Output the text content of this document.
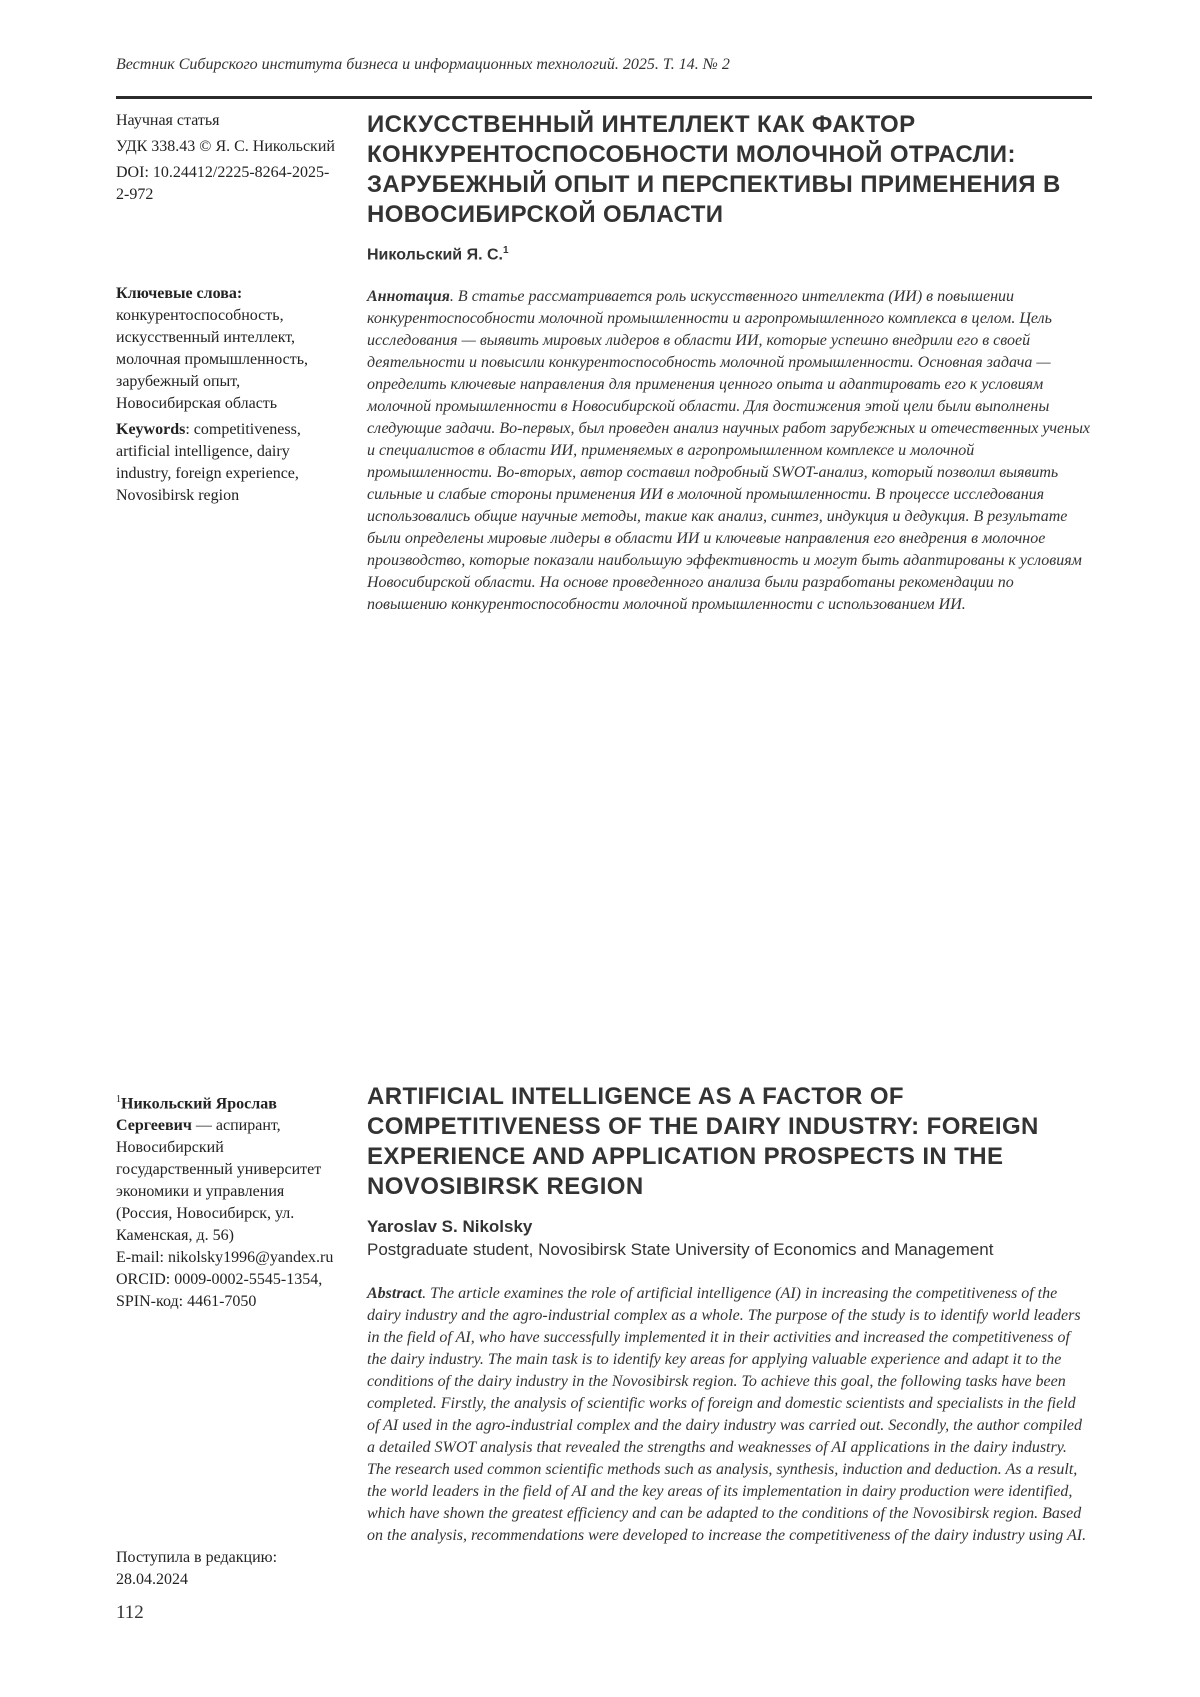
Вестник Сибирского института бизнеса и информационных технологий. 2025. Т. 14. № 2

Научная статья

УДК 338.43 © Я. С. Никольский

DOI: 10.24412/2225-8264-2025-2-972

Ключевые слова: конкурентоспособность, искусственный интеллект, молочная промышленность, зарубежный опыт, Новосибирская область
Keywords: competitiveness, artificial intelligence, dairy industry, foreign experience, Novosibirsk region
ИСКУССТВЕННЫЙ ИНТЕЛЛЕКТ КАК ФАКТОР КОНКУРЕНТОСПОСОБНОСТИ МОЛОЧНОЙ ОТРАСЛИ: ЗАРУБЕЖНЫЙ ОПЫТ И ПЕРСПЕКТИВЫ ПРИМЕНЕНИЯ В НОВОСИБИРСКОЙ ОБЛАСТИ
Никольский Я. С.1

Аннотация. В статье рассматривается роль искусственного интеллекта (ИИ) в повышении конкурентоспособности молочной промышленности и агропромышленного комплекса в целом. Цель исследования — выявить мировых лидеров в области ИИ, которые успешно внедрили его в своей деятельности и повысили конкурентоспособность молочной промышленности. Основная задача — определить ключевые направления для применения ценного опыта и адаптировать его к условиям молочной промышленности в Новосибирской области. Для достижения этой цели были выполнены следующие задачи. Во-первых, был проведен анализ научных работ зарубежных и отечественных ученых и специалистов в области ИИ, применяемых в агропромышленном комплексе и молочной промышленности. Во-вторых, автор составил подробный SWOT-анализ, который позволил выявить сильные и слабые стороны применения ИИ в молочной промышленности. В процессе исследования использовались общие научные методы, такие как анализ, синтез, индукция и дедукция. В результате были определены мировые лидеры в области ИИ и ключевые направления его внедрения в молочное производство, которые показали наибольшую эффективность и могут быть адаптированы к условиям Новосибирской области. На основе проведенного анализа были разработаны рекомендации по повышению конкурентоспособности молочной промышленности с использованием ИИ.

1Никольский Ярослав Сергеевич — аспирант, Новосибирский государственный университет экономики и управления (Россия, Новосибирск, ул. Каменская, д. 56)

E-mail: nikolsky1996@yandex.ru

ORCID: 0009-0002-5545-1354, SPIN-код: 4461-7050

Поступила в редакцию:

28.04.2024

112
ARTIFICIAL INTELLIGENCE AS A FACTOR OF COMPETITIVENESS OF THE DAIRY INDUSTRY: FOREIGN EXPERIENCE AND APPLICATION PROSPECTS IN THE NOVOSIBIRSK REGION
Yaroslav S. Nikolsky
Postgraduate student, Novosibirsk State University of Economics and Management

Abstract. The article examines the role of artificial intelligence (AI) in increasing the competitiveness of the dairy industry and the agro-industrial complex as a whole. The purpose of the study is to identify world leaders in the field of AI, who have successfully implemented it in their activities and increased the competitiveness of the dairy industry. The main task is to identify key areas for applying valuable experience and adapt it to the conditions of the dairy industry in the Novosibirsk region. To achieve this goal, the following tasks have been completed. Firstly, the analysis of scientific works of foreign and domestic scientists and specialists in the field of AI used in the agro-industrial complex and the dairy industry was carried out. Secondly, the author compiled a detailed SWOT analysis that revealed the strengths and weaknesses of AI applications in the dairy industry. The research used common scientific methods such as analysis, synthesis, induction and deduction. As a result, the world leaders in the field of AI and the key areas of its implementation in dairy production were identified, which have shown the greatest efficiency and can be adapted to the conditions of the Novosibirsk region. Based on the analysis, recommendations were developed to increase the competitiveness of the dairy industry using AI.
